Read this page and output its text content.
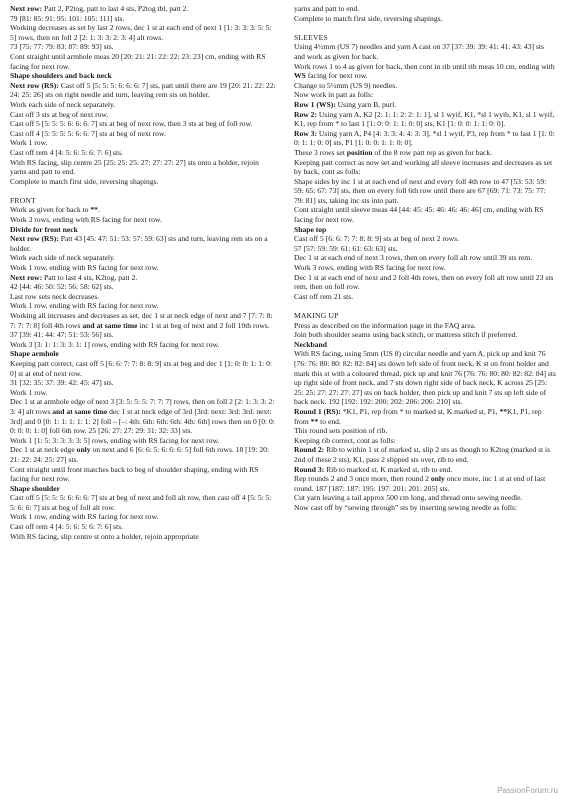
Next row: Patt 2, P2tog, patt to last 4 sts, P2tog tbl, patt 2.

79 [81: 85: 91: 95: 101: 105: 111] sts.

Working decreases as set by last 2 rows, dec 1 st at each end of next 1 [1: 3: 3: 3: 5: 5: 5] rows, then on foll 2 [2: 1: 3: 3: 2: 3: 4] alt rows.

73 [75: 77: 79: 83: 87: 89: 93] sts.

Cont straight until armhole meas 20 [20: 21: 21: 22: 22: 23: 23] cm, ending with RS facing for next row.

Shape shoulders and back neck

Next row (RS): Cast off 5 [5: 5: 5: 6: 6: 6: 7] sts, patt until there are 19 [20: 21: 22: 22: 24: 25: 26] sts on right needle and turn, leaving rem sts on holder.

Work each side of neck separately.

Cast off 3 sts at beg of next row.

Cast off 5 [5: 5: 5: 6: 6: 6: 7] sts at beg of next row, then 3 sts at beg of foll row.

Cast off 4 [5: 5: 5: 5: 6: 6: 7] sts at beg of next row.

Work 1 row.

Cast off rem 4 [4: 5: 6: 5: 6: 7: 6] sts.

With RS facing, slip centre 25 [25: 25: 25: 27: 27: 27: 27] sts onto a holder, rejoin yarns and patt to end.

Complete to match first side, reversing shapings.

FRONT

Work as given for back to **.

Work 3 rows, ending with RS facing for next row.

Divide for front neck

Next row (RS): Patt 43 [45: 47: 51: 53: 57: 59: 63] sts and turn, leaving rem sts on a holder.

Work each side of neck separately.

Work 1 row, ending with RS facing for next row.

Next row: Patt to last 4 sts, K2tog, patt 2.

42 [44: 46: 50: 52: 56: 58: 62] sts.

Last row sets neck decreases.

Work 1 row, ending with RS facing for next row.

Working all increases and decreases as set, dec 1 st at neck edge of next and 7 [7: 7: 8: 7: 7: 7: 8] foll 4th rows and at same time inc 1 st at beg of next and 2 foll 10th rows.

37 [39: 41: 44: 47: 51: 53: 56] sts.

Work 3 [3: 1: 1: 3: 3: 1: 1] rows, ending with RS facing for next row.

Shape armhole

Keeping patt correct, cast off 5 [6: 6: 7: 7: 8: 8: 9] sts at beg and dec 1 [1: 0: 0: 1: 1: 0: 0] st at end of next row.

31 [32: 35: 37: 39: 42: 45: 47] sts.

Work 1 row.

Dec 1 st at armhole edge of next 3 [3: 5: 5: 5: 7: 7: 7] rows, then on foll 2 [2: 1: 3: 3: 2: 3: 4] alt rows and at same time dec 1 st at neck edge of 3rd [3rd: next: 3rd: 3rd: next: 3rd] and 0 [0: 1: 1: 1: 1: 1: 2] foll – [–: 4th: 6th: 6th: 6th: 4th: 6th] rows then on 0 [0: 0: 0: 0: 0: 1: 0] foll 6th row. 25 [26: 27: 27: 29: 31: 32: 33] sts.

Work 1 [1: 5: 3: 3: 3: 3: 5] rows, ending with RS facing for next row.

Dec 1 st at neck edge only on next and 6 [6: 6: 5: 6: 6: 6: 5] foll 6th rows. 18 [19: 20: 21: 22: 24: 25: 27] sts.

Cont straight until front matches back to beg of shoulder shaping, ending with RS facing for next row.

Shape shoulder

Cast off 5 [5: 5: 5: 6: 6: 6: 7] sts at beg of next and foll alt row, then cast off 4 [5: 5: 5: 5: 6: 6: 7] sts at beg of foll alt row.

Work 1 row, ending with RS facing for next row.

Cast off rem 4 [4: 5: 6: 5: 6: 7: 6] sts.

With RS facing, slip centre st onto a holder, rejoin appropriate

yarns and patt to end.

Complete to match first side, reversing shapings.

SLEEVES

Using 4½mm (US 7) needles and yarn A cast on 37 [37: 39: 39: 41: 41: 43: 43] sts and work as given for back.

Work rows 1 to 4 as given for back, then cont in rib until rib meas 10 cm, ending with WS facing for next row.

Change to 5½mm (US 9) needles.

Now work in patt as folls:

Row 1 (WS): Using yarn B, purl.

Row 2: Using yarn A, K2 [2: 1: 1: 2: 2: 1: 1], sl 1 wyif, K1, *sl 1 wyib, K1, sl 1 wyif, K1, rep from * to last 1 [1: 0: 0: 1: 1: 0: 0] sts, K1 [1: 0: 0: 1: 1: 0: 0].

Row 3: Using yarn A, P4 [4: 3: 3: 4: 4: 3: 3], *sl 1 wyif, P3, rep from * to last 1 [1: 0: 0: 1: 1: 0: 0] sts, P1 [1: 0: 0: 1: 1: 0: 0].

These 3 rows set position of the 8 row patt rep as given for back.

Keeping patt correct as now set and working all sleeve increases and decreases as set by back, cont as folls:

Shape sides by inc 1 st at each end of next and every foll 4th row to 47 [53: 53: 59: 59: 65: 67: 73] sts, then on every foll 6th row until there are 67 [69: 71: 73: 75: 77: 79: 81] sts, taking inc sts into patt.

Cont straight until sleeve meas 44 [44: 45: 45: 46: 46: 46: 46] cm, ending with RS facing for next row.

Shape top

Cast off 5 [6: 6: 7: 7: 8: 8: 9] sts at beg of next 2 rows.

57 [57: 59: 59: 61: 61: 63: 63] sts.

Dec 1 st at each end of next 3 rows, then on every foll alt row until 39 sts rem.

Work 3 rows, ending with RS facing for next row.

Dec 1 st at each end of next and 2 foll 4th rows, then on every foll alt row until 23 sts rem, then on foll row.

Cast off rem 21 sts.

MAKING UP

Press as described on the information page in the FAQ area.

Join both shoulder seams using back stitch, or mattress stitch if preferred.

Neckband

With RS facing, using 5mm (US 8) circular needle and yarn A, pick up and knit 76 [76: 76: 80: 80: 82: 82: 84] sts down left side of front neck, K st on front holder and mark this st with a coloured thread, pick up and knit 76 [76: 76: 80: 80: 82: 82: 84] sts up right side of front neck, and 7 sts down right side of back neck, K across 25 [25: 25: 25: 27: 27: 27: 27] sts on back holder, then pick up and knit 7 sts up left side of back neck. 192 [192: 192: 200: 202: 206: 206: 210] sts.

Round 1 (RS): *K1, P1, rep from * to marked st, K marked st, P1, **K1, P1, rep from ** to end.

This round sets position of rib.

Keeping rib correct, cont as folls:

Round 2: Rib to within 1 st of marked st, slip 2 sts as though to K2tog (marked st is 2nd of these 2 sts), K1, pass 2 slipped sts over, rib to end.

Round 3: Rib to marked st, K marked st, rib to end.

Rep rounds 2 and 3 once more, then round 2 only once more, inc 1 st at end of last round. 187 [187: 187: 195: 197: 201: 201: 205] sts.

Cut yarn leaving a tail approx 500 cm long, and thread onto sewing needle.

Now cast off by “sewing through” sts by inserting sewing needle as folls:

PassionForum.ru
